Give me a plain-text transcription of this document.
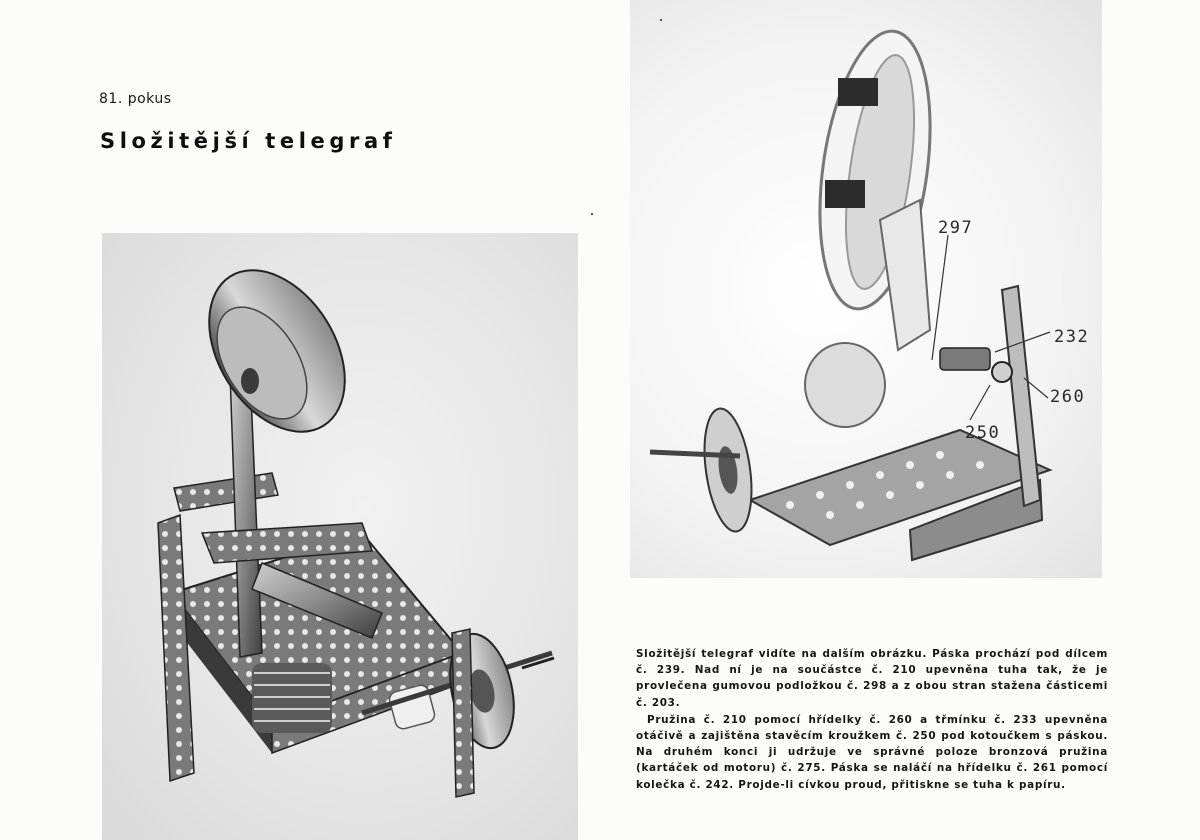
81. pokus
Složitější telegraf
297
232
260
250

Složitější telegraf vidíte na dalším obrázku. Páska prochází pod dílcem č. 239. Nad ní je na součástce č. 210 upevněna tuha tak, že je provlečena gumovou podložkou č. 298 a z obou stran stažena částicemi č. 203.

Pružina č. 210 pomocí hřídelky č. 260 a třmínku č. 233 upevněna otáčivě a zajištěna stavěcím kroužkem č. 250 pod kotoučkem s páskou. Na druhém konci ji udržuje ve správné poloze bronzová pružina (kartáček od motoru) č. 275. Páska se naláčí na hřídelku č. 261 pomocí kolečka č. 242. Projde-li cívkou proud, přitiskne se tuha k papíru.
